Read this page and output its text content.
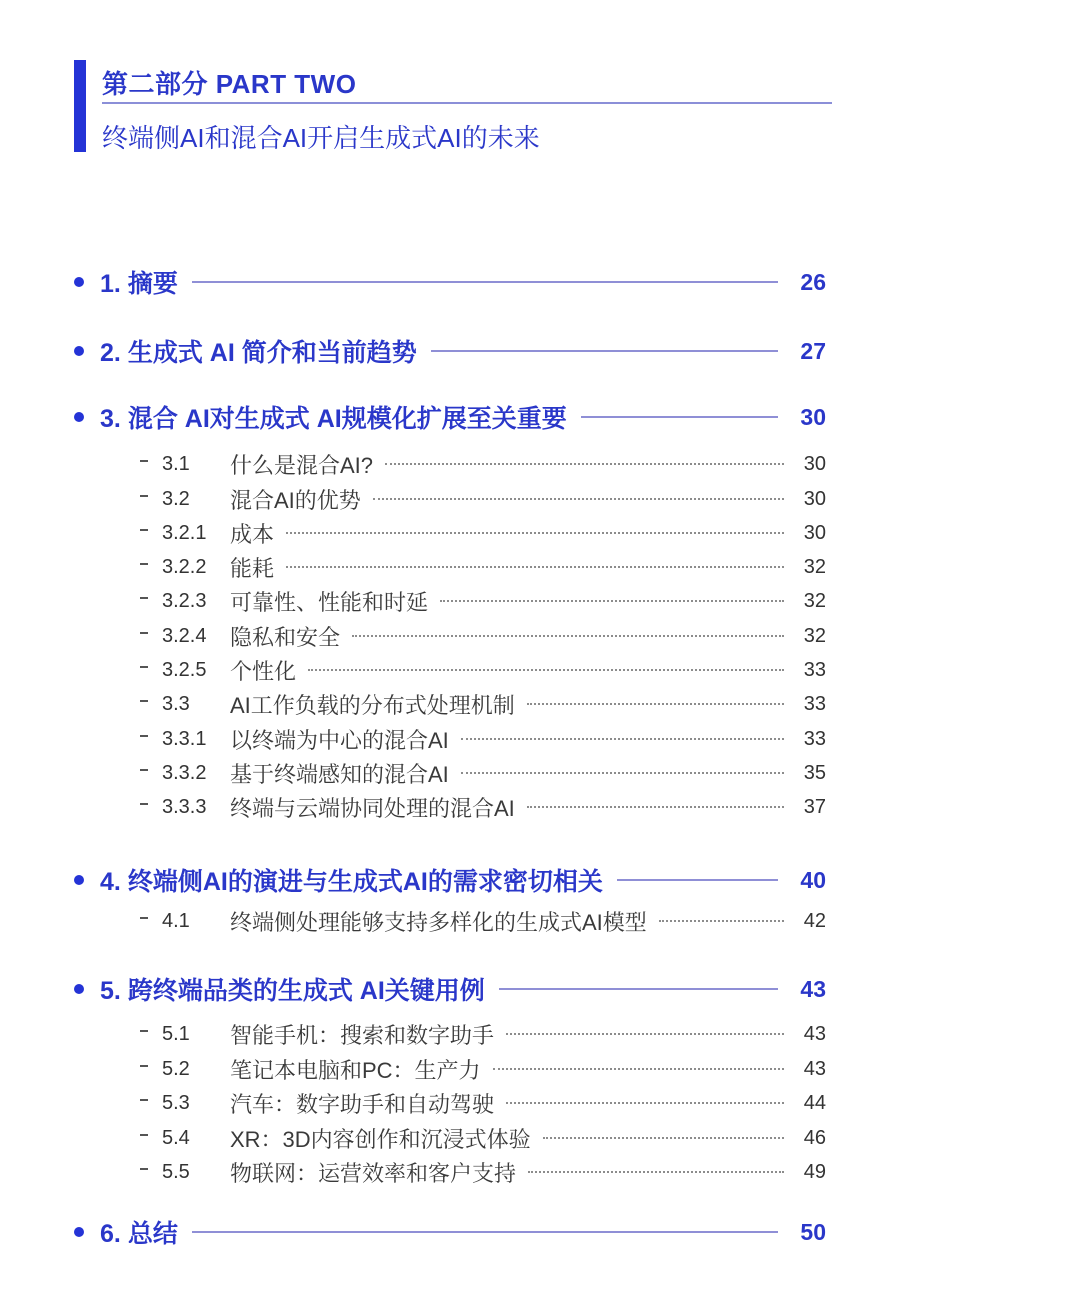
第二部分 PART TWO
终端侧AI和混合AI开启生成式AI的未来
1. 摘要	26
2. 生成式 AI 简介和当前趋势	27
3. 混合 AI对生成式 AI规模化扩展至关重要	30
3.1	什么是混合AI?	30
3.2	混合AI的优势	30
3.2.1	成本	30
3.2.2	能耗	32
3.2.3	可靠性、性能和时延	32
3.2.4	隐私和安全	32
3.2.5	个性化	33
3.3	AI工作负载的分布式处理机制	33
3.3.1	以终端为中心的混合AI	33
3.3.2	基于终端感知的混合AI	35
3.3.3	终端与云端协同处理的混合AI	37
4. 终端侧AI的演进与生成式AI的需求密切相关	40
4.1	终端侧处理能够支持多样化的生成式AI模型	42
5. 跨终端品类的生成式 AI关键用例	43
5.1	智能手机：搜索和数字助手	43
5.2	笔记本电脑和PC：生产力	43
5.3	汽车：数字助手和自动驾驶	44
5.4	XR：3D内容创作和沉浸式体验	46
5.5	物联网：运营效率和客户支持	49
6. 总结	50
